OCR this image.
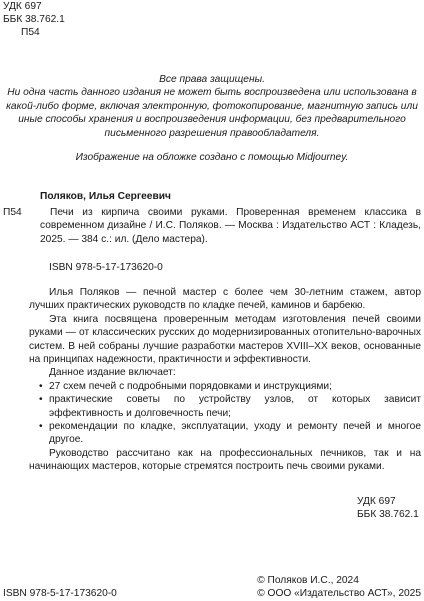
УДК 697
ББК 38.762.1
П54
Все права защищены.
Ни одна часть данного издания не может быть воспроизведена или использована в какой-либо форме, включая электронную, фотокопирование, магнитную запись или иные способы хранения и воспроизведения информации, без предварительного письменного разрешения правообладателя.
Изображение на обложке создано с помощью Midjourney.
Поляков, Илья Сергеевич
П54	Печи из кирпича своими руками. Проверенная временем классика в современном дизайне / И.С. Поляков. — Москва : Издательство АСТ : Кладезь, 2025. — 384 с.: ил. (Дело мастера).
ISBN 978-5-17-173620-0

Илья Поляков — печной мастер с более чем 30-летним стажем, автор лучших практических руководств по кладке печей, каминов и барбекю.

Эта книга посвящена проверенным методам изготовления печей своими руками — от классических русских до модернизированных отопительно-варочных систем. В ней собраны лучшие разработки мастеров XVIII–XX веков, основанные на принципах надежности, практичности и эффективности.

Данное издание включает:

• 27 схем печей с подробными порядовками и инструкциями;
• практические советы по устройству узлов, от которых зависит эффективность и долговечность печи;
• рекомендации по кладке, эксплуатации, уходу и ремонту печей и многое другое.

Руководство рассчитано как на профессиональных печников, так и на начинающих мастеров, которые стремятся построить печь своими руками.

УДК 697
ББК 38.762.1
ISBN 978-5-17-173620-0
© Поляков И.С., 2024
© ООО «Издательство АСТ», 2025
